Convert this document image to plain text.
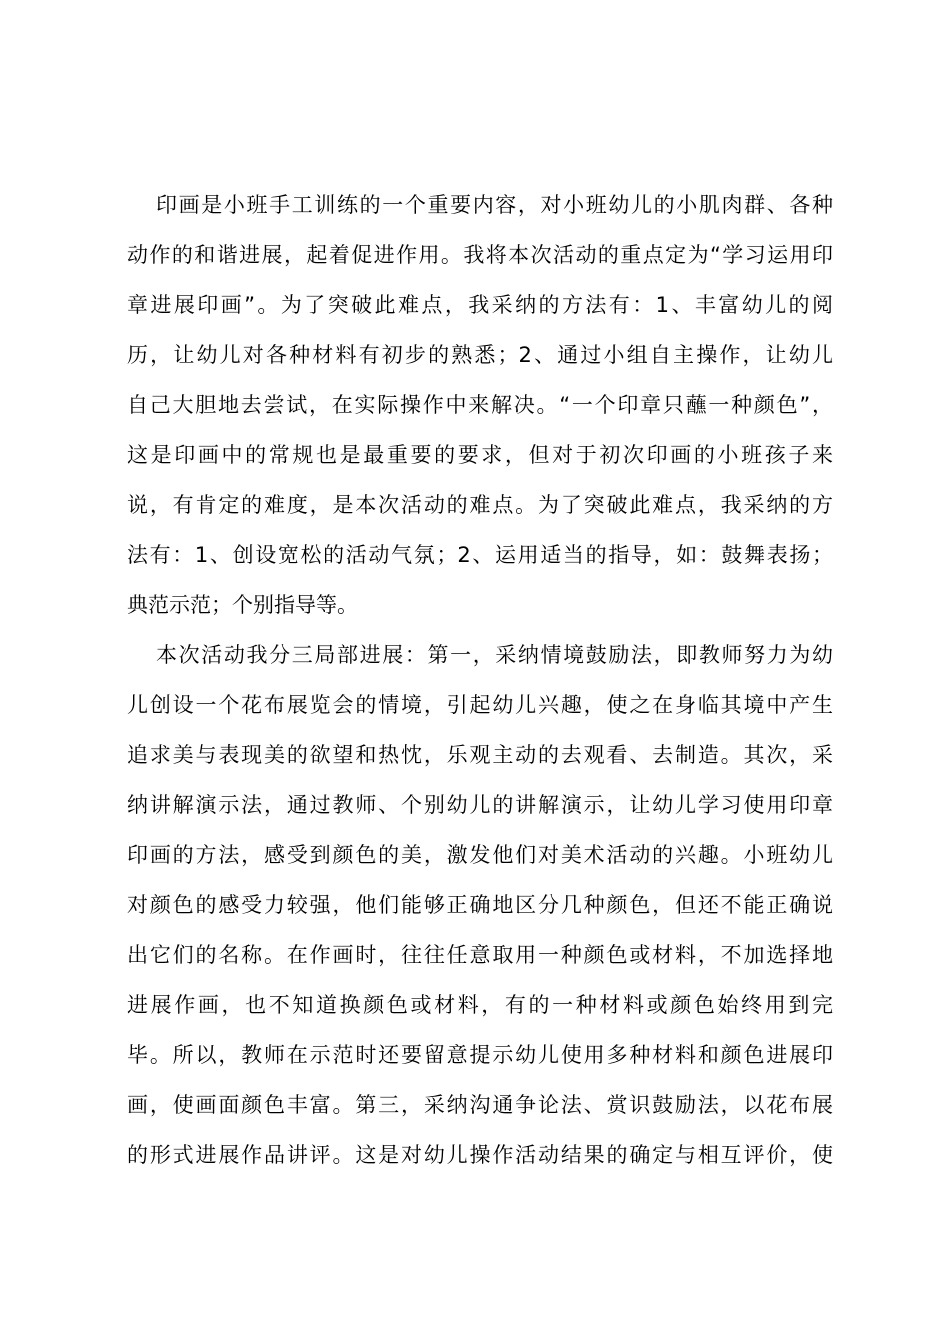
印画是小班手工训练的一个重要内容，对小班幼儿的小肌肉群、各种
动作的和谐进展，起着促进作用。我将本次活动的重点定为“学习运用印
章进展印画”。为了突破此难点，我采纳的方法有：1、丰富幼儿的阅
历，让幼儿对各种材料有初步的熟悉；2、通过小组自主操作，让幼儿
自己大胆地去尝试，在实际操作中来解决。“一个印章只蘸一种颜色”，
这是印画中的常规也是最重要的要求，但对于初次印画的小班孩子来
说，有肯定的难度，是本次活动的难点。为了突破此难点，我采纳的方
法有：1、创设宽松的活动气氛；2、运用适当的指导，如：鼓舞表扬；
典范示范；个别指导等。
本次活动我分三局部进展：第一，采纳情境鼓励法，即教师努力为幼
儿创设一个花布展览会的情境，引起幼儿兴趣，使之在身临其境中产生
追求美与表现美的欲望和热忱，乐观主动的去观看、去制造。其次，采
纳讲解演示法，通过教师、个别幼儿的讲解演示，让幼儿学习使用印章
印画的方法，感受到颜色的美，激发他们对美术活动的兴趣。小班幼儿
对颜色的感受力较强，他们能够正确地区分几种颜色，但还不能正确说
出它们的名称。在作画时，往往任意取用一种颜色或材料，不加选择地
进展作画，也不知道换颜色或材料，有的一种材料或颜色始终用到完
毕。所以，教师在示范时还要留意提示幼儿使用多种材料和颜色进展印
画，使画面颜色丰富。第三，采纳沟通争论法、赏识鼓励法，以花布展
的形式进展作品讲评。这是对幼儿操作活动结果的确定与相互评价，使
